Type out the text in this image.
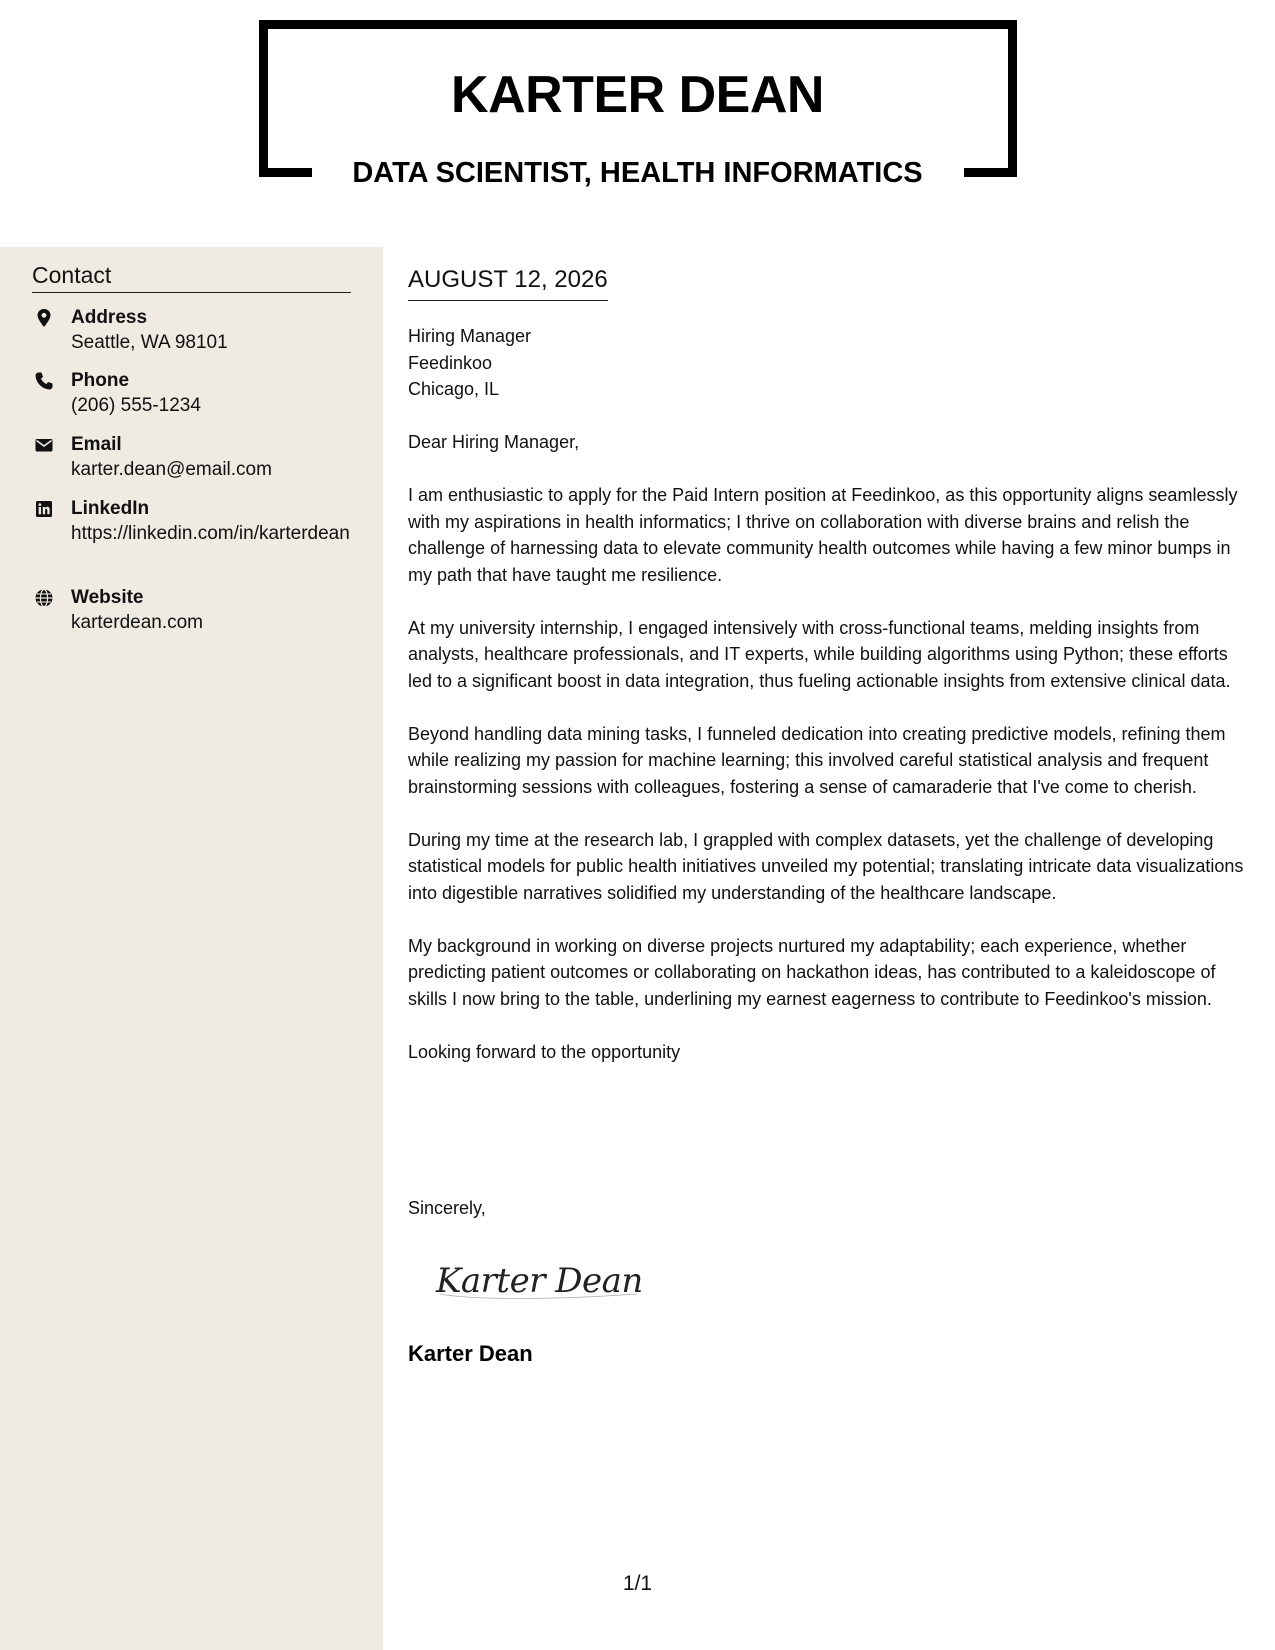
KARTER DEAN
DATA SCIENTIST, HEALTH INFORMATICS
Contact
Address
Seattle, WA 98101
Phone
(206) 555-1234
Email
karter.dean@email.com
LinkedIn
https://linkedin.com/in/karterdean
Website
karterdean.com
AUGUST 12, 2026
Hiring Manager
Feedinkoo
Chicago, IL

Dear Hiring Manager,

I am enthusiastic to apply for the Paid Intern position at Feedinkoo, as this opportunity aligns seamlessly with my aspirations in health informatics; I thrive on collaboration with diverse brains and relish the challenge of harnessing data to elevate community health outcomes while having a few minor bumps in my path that have taught me resilience.

At my university internship, I engaged intensively with cross-functional teams, melding insights from analysts, healthcare professionals, and IT experts, while building algorithms using Python; these efforts led to a significant boost in data integration, thus fueling actionable insights from extensive clinical data.

Beyond handling data mining tasks, I funneled dedication into creating predictive models, refining them while realizing my passion for machine learning; this involved careful statistical analysis and frequent brainstorming sessions with colleagues, fostering a sense of camaraderie that I've come to cherish.

During my time at the research lab, I grappled with complex datasets, yet the challenge of developing statistical models for public health initiatives unveiled my potential; translating intricate data visualizations into digestible narratives solidified my understanding of the healthcare landscape.

My background in working on diverse projects nurtured my adaptability; each experience, whether predicting patient outcomes or collaborating on hackathon ideas, has contributed to a kaleidoscope of skills I now bring to the table, underlining my earnest eagerness to contribute to Feedinkoo's mission.

Looking forward to the opportunity

Sincerely,
Karter Dean
Karter Dean
1/1
